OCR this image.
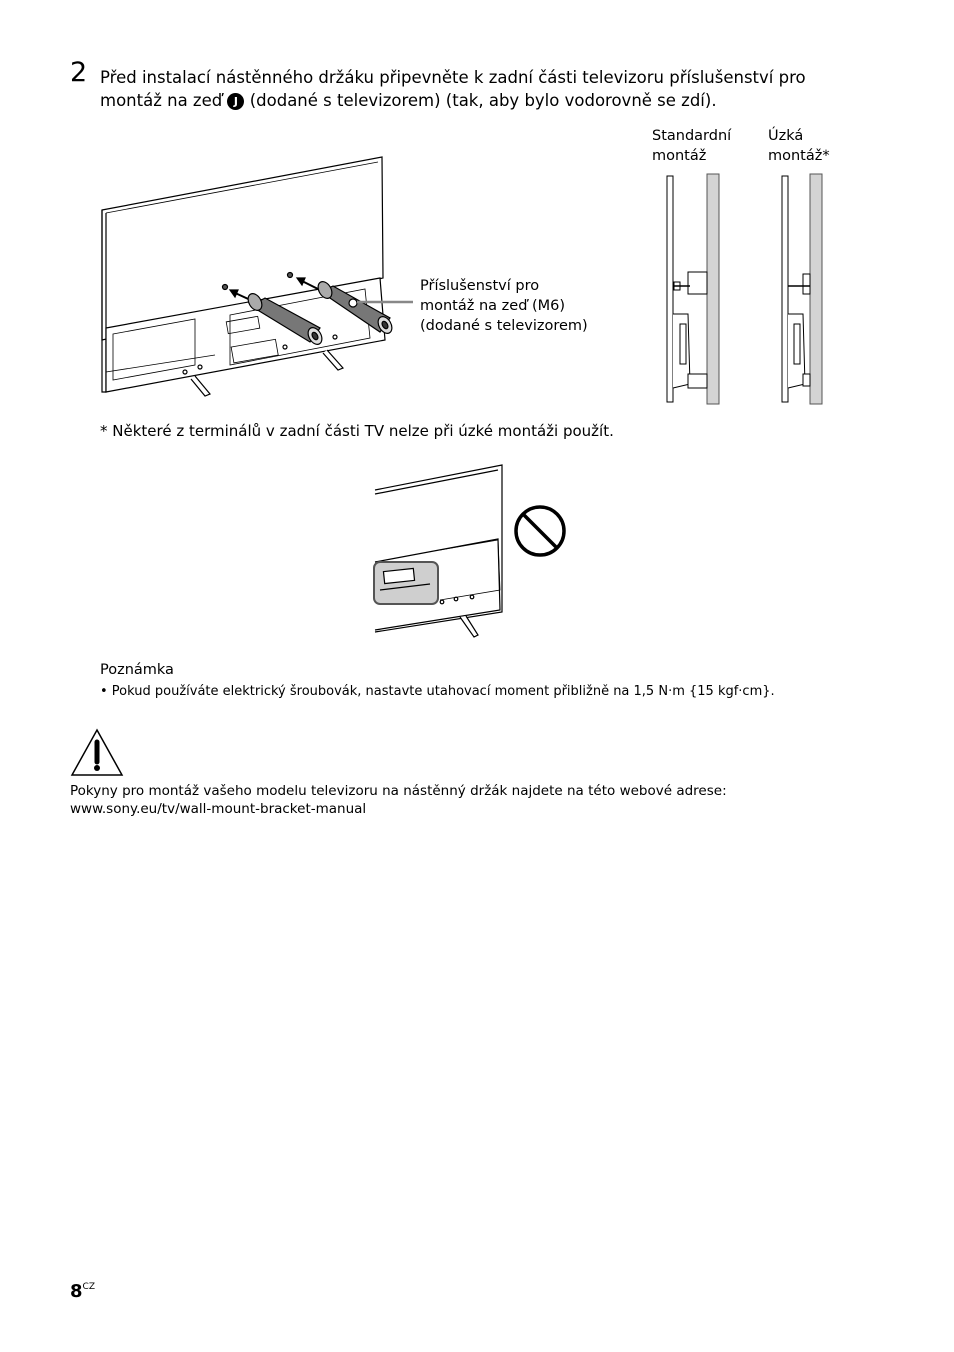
2 Před instalací nástěnného držáku připevněte k zadní části televizoru příslušenství pro montáž na zeď J (dodané s televizorem) (tak, aby bylo vodorovně se zdí).
Příslušenství pro
montáž na zeď (M6)
(dodané s televizorem)
Standardní
montáž
Úzká
montáž*
* Některé z terminálů v zadní části TV nelze při úzké montáži použít.
Poznámka
• Pokud používáte elektrický šroubovák, nastavte utahovací moment přibližně na 1,5 N·m {15 kgf·cm}.
Pokyny pro montáž vašeho modelu televizoru na nástěnný držák najdete na této webové adrese:
www.sony.eu/tv/wall-mount-bracket-manual
$8^{CZ}$
